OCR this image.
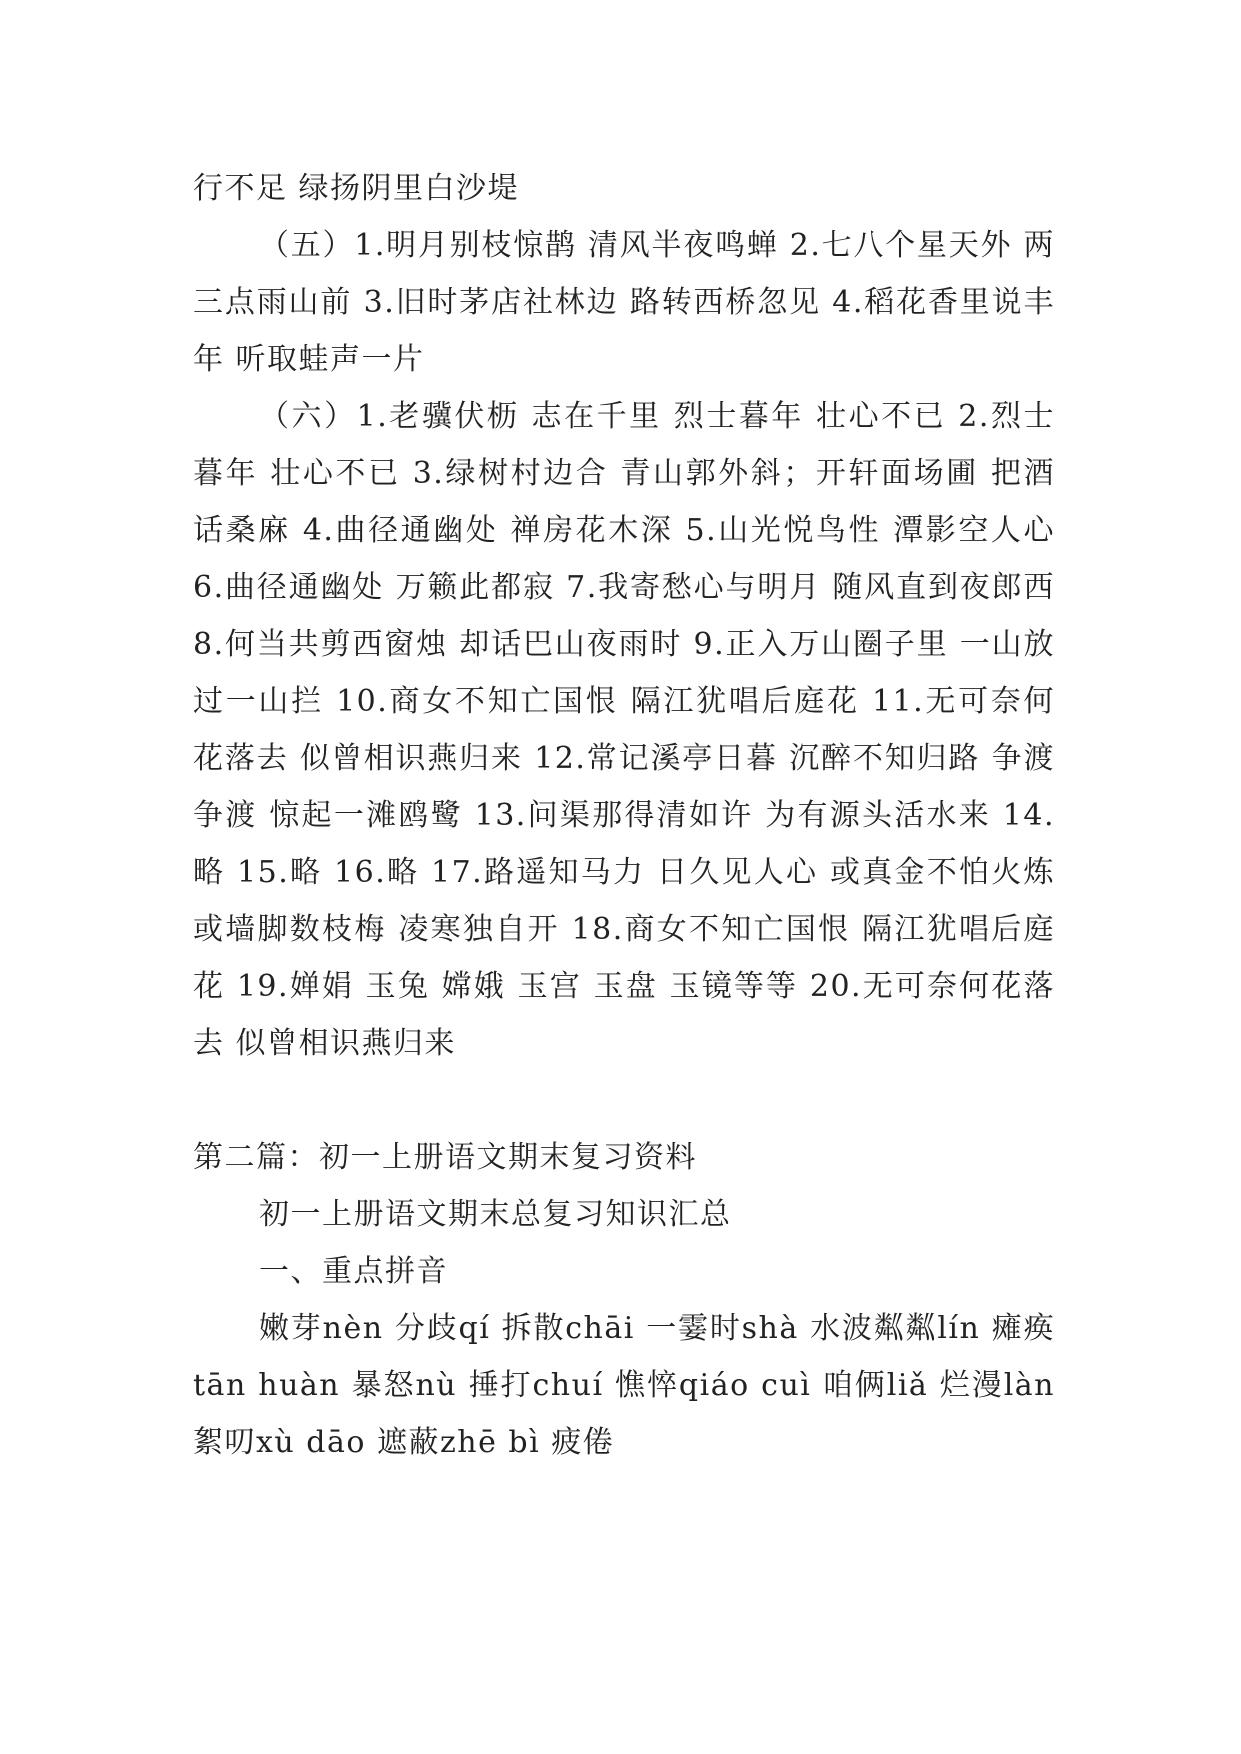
行不足 绿扬阴里白沙堤

（五）1.明月别枝惊鹊 清风半夜鸣蝉 2.七八个星天外 两三点雨山前 3.旧时茅店社林边 路转西桥忽见 4.稻花香里说丰年 听取蛙声一片

（六）1.老骥伏枥 志在千里 烈士暮年 壮心不已 2.烈士暮年 壮心不已 3.绿树村边合 青山郭外斜；开轩面场圃 把酒话桑麻 4.曲径通幽处 禅房花木深 5.山光悦鸟性 潭影空人心 6.曲径通幽处 万籁此都寂 7.我寄愁心与明月 随风直到夜郎西 8.何当共剪西窗烛 却话巴山夜雨时 9.正入万山圈子里 一山放过一山拦 10.商女不知亡国恨 隔江犹唱后庭花 11.无可奈何花落去 似曾相识燕归来 12.常记溪亭日暮 沉醉不知归路 争渡 争渡 惊起一滩鸥鹭 13.问渠那得清如许 为有源头活水来 14.略 15.略 16.略 17.路遥知马力 日久见人心 或真金不怕火炼 或墙脚数枝梅 凌寒独自开 18.商女不知亡国恨 隔江犹唱后庭花 19.婵娟 玉兔 嫦娥 玉宫 玉盘 玉镜等等 20.无可奈何花落去 似曾相识燕归来

第二篇：初一上册语文期末复习资料

初一上册语文期末总复习知识汇总

一、重点拼音

嫩芽nèn 分歧qí 拆散chāi 一霎时shà 水波粼粼lín 瘫痪tān huàn 暴怒nù 捶打chuí 憔悴qiáo cuì 咱俩liǎ 烂漫làn 絮叨xù dāo 遮蔽zhē bì 疲倦
